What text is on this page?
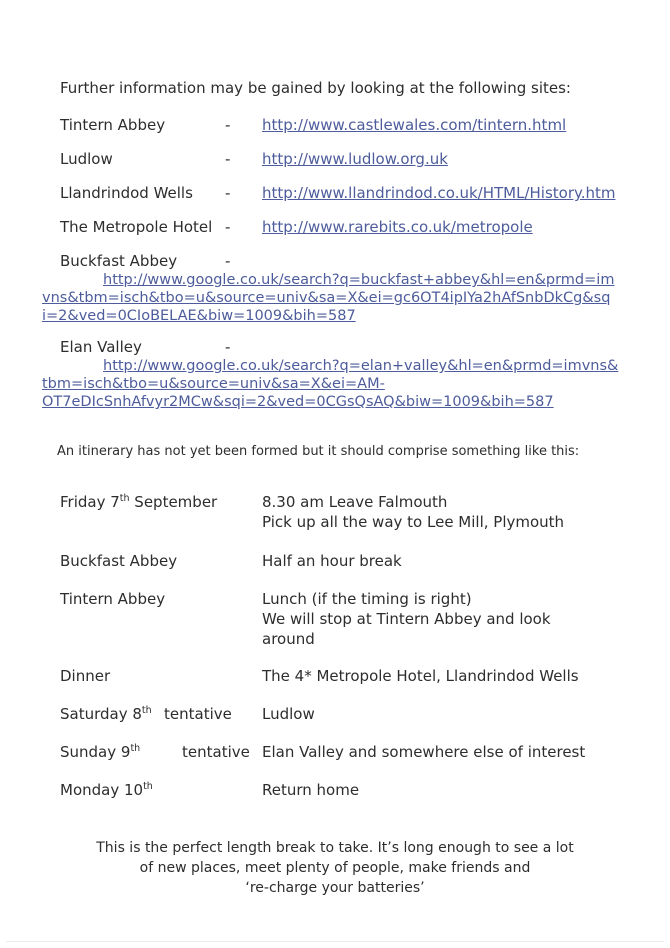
Further information may be gained by looking at the following sites:
Tintern Abbey	- http://www.castlewales.com/tintern.html
Ludlow	- http://www.ludlow.org.uk
Llandrindod Wells - http://www.llandrindod.co.uk/HTML/History.htm
The Metropole Hotel - http://www.rarebits.co.uk/metropole
Buckfast Abbey	-
http://www.google.co.uk/search?q=buckfast+abbey&hl=en&prmd=im
vns&tbm=isch&tbo=u&source=univ&sa=X&ei=gc6OT4ipIYa2hAfSnbDkCg&sq
i=2&ved=0CIoBELAE&biw=1009&bih=587
Elan Valley	-
http://www.google.co.uk/search?q=elan+valley&hl=en&prmd=imvns&
tbm=isch&tbo=u&source=univ&sa=X&ei=AM-
OT7eDIcSnhAfvyr2MCw&sqi=2&ved=0CGsQsAQ&biw=1009&bih=587
An itinerary has not yet been formed but it should comprise something like this:
Friday 7th September	8.30 am Leave Falmouth
Pick up all the way to Lee Mill, Plymouth
Buckfast Abbey	Half an hour break
Tintern Abbey	Lunch (if the timing is right)
We will stop at Tintern Abbey and look
around
Dinner	The 4* Metropole Hotel, Llandrindod Wells
Saturday 8th tentative Ludlow
Sunday 9th	tentative Elan Valley and somewhere else of interest
Monday 10th	Return home
This is the perfect length break to take. It’s long enough to see a lot
of new places, meet plenty of people, make friends and
‘re-charge your batteries’
